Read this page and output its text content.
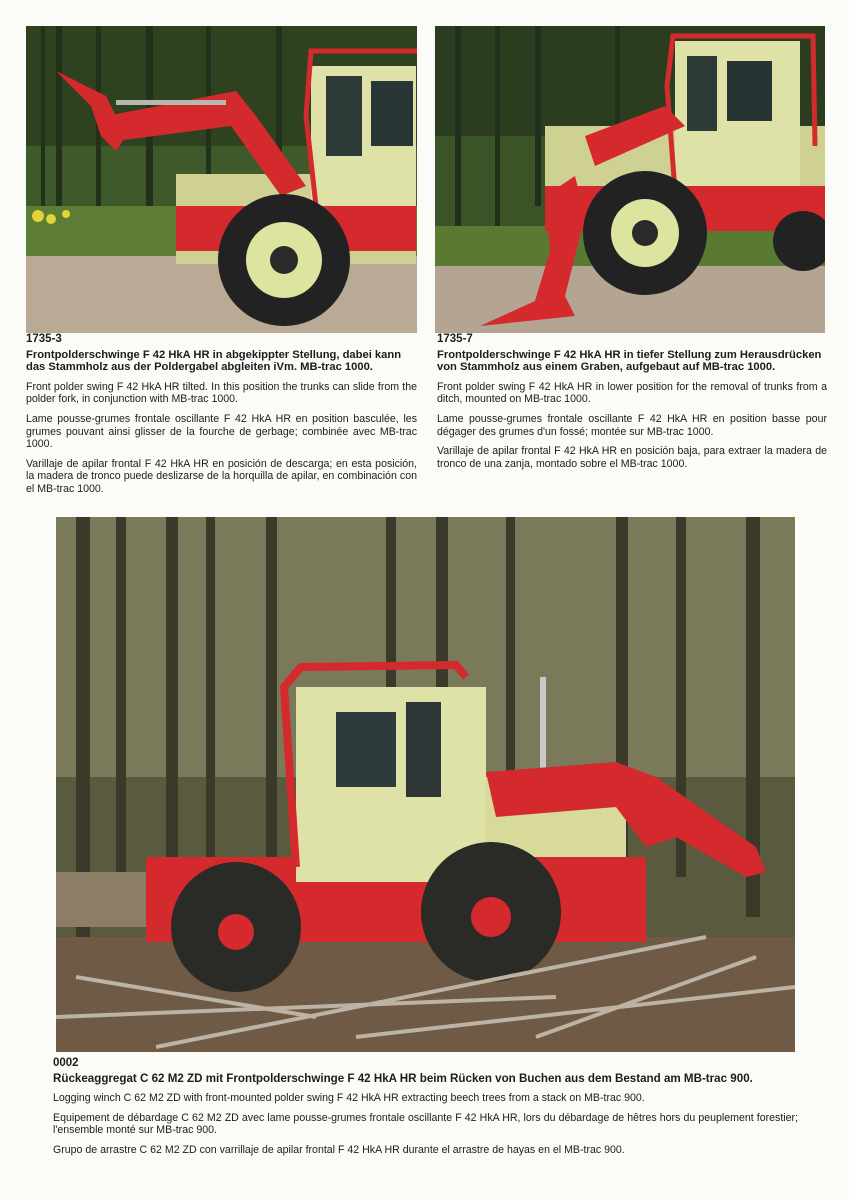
1735-3
Frontpolderschwinge F 42 HkA HR in abgekippter Stellung, dabei kann das Stammholz aus der Poldergabel abgleiten iVm. MB-trac 1000.

Front polder swing F 42 HkA HR tilted. In this position the trunks can slide from the polder fork, in conjunction with MB-trac 1000.

Lame pousse-grumes frontale oscillante F 42 HkA HR en position basculée, les grumes pouvant ainsi glisser de la fourche de gerbage; combinée avec MB-trac 1000.

Varillaje de apilar frontal F 42 HkA HR en posición de descarga; en esta posición, la madera de tronco puede deslizarse de la horquilla de apilar, en combinación con el MB-trac 1000.

1735-7
Frontpolderschwinge F 42 HkA HR in tiefer Stellung zum Herausdrücken von Stammholz aus einem Graben, aufgebaut auf MB-trac 1000.

Front polder swing F 42 HkA HR in lower position for the removal of trunks from a ditch, mounted on MB-trac 1000.

Lame pousse-grumes frontale oscillante F 42 HkA HR en position basse pour dégager des grumes d'un fossé; montée sur MB-trac 1000.

Varillaje de apilar frontal F 42 HkA HR en posición baja, para extraer la madera de tronco de una zanja, montado sobre el MB-trac 1000.

0002
Rückeaggregat C 62 M2 ZD mit Frontpolderschwinge F 42 HkA HR beim Rücken von Buchen aus dem Bestand am MB-trac 900.

Logging winch C 62 M2 ZD with front-mounted polder swing F 42 HkA HR extracting beech trees from a stack on MB-trac 900.

Equipement de débardage C 62 M2 ZD avec lame pousse-grumes frontale oscillante F 42 HkA HR, lors du débardage de hêtres hors du peuplement forestier; l'ensemble monté sur MB-trac 900.

Grupo de arrastre C 62 M2 ZD con varrillaje de apilar frontal F 42 HkA HR durante el arrastre de hayas en el MB-trac 900.
